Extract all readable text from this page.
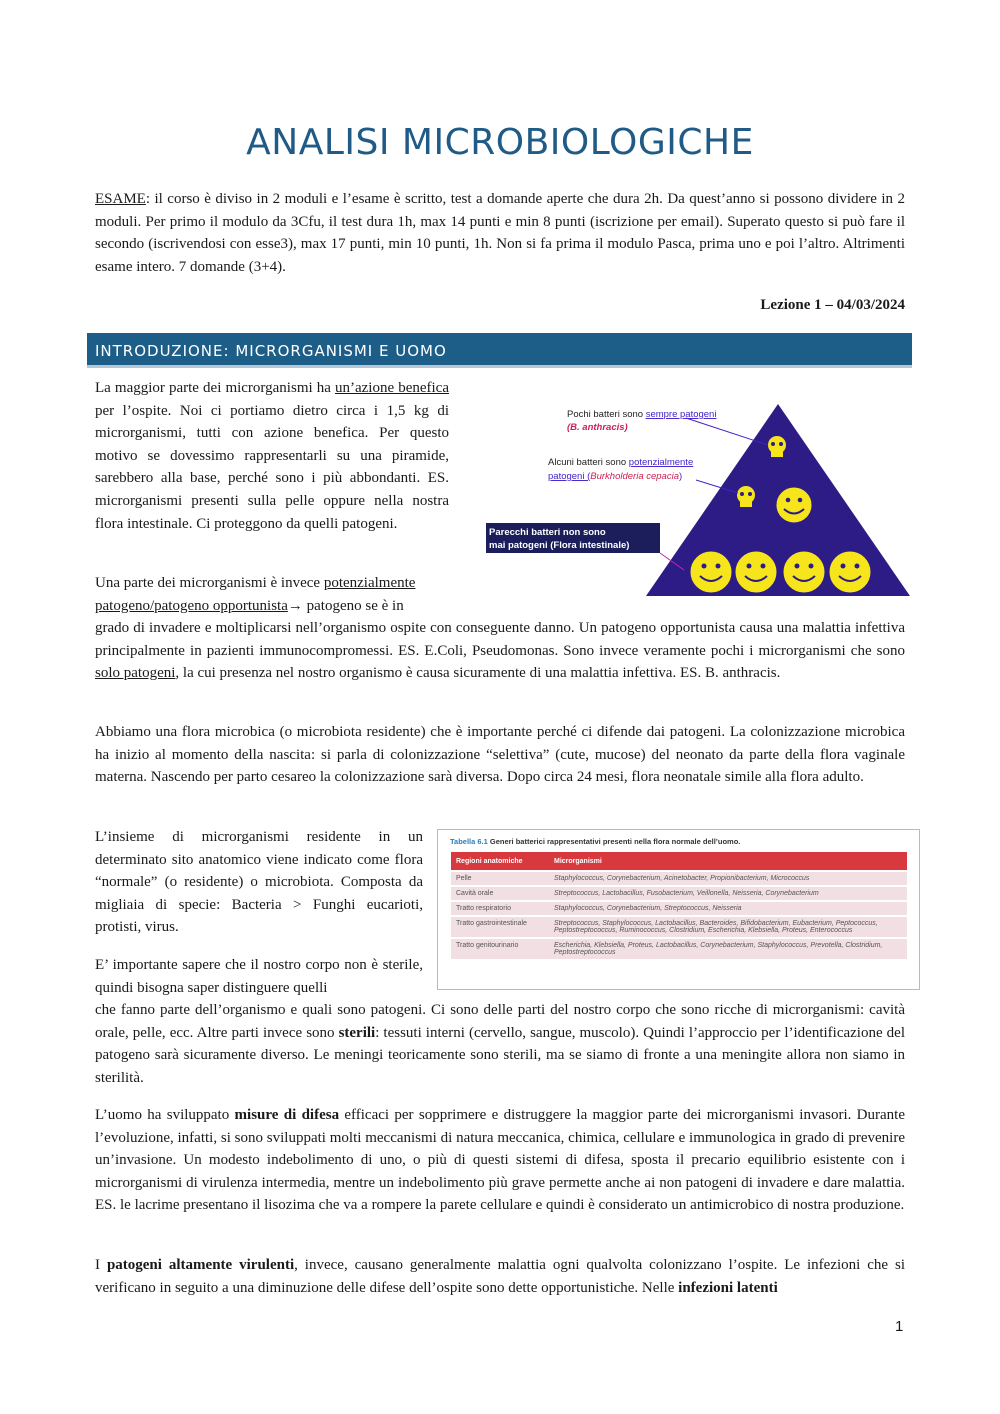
ANALISI MICROBIOLOGICHE
ESAME: il corso è diviso in 2 moduli e l’esame è scritto, test a domande aperte che dura 2h. Da quest’anno si possono dividere in 2 moduli. Per primo il modulo da 3Cfu, il test dura 1h, max 14 punti e min 8 punti (iscrizione per email). Superato questo si può fare il secondo (iscrivendosi con esse3), max 17 punti, min 10 punti, 1h. Non si fa prima il modulo Pasca, prima uno e poi l’altro. Altrimenti esame intero. 7 domande (3+4).
Lezione 1 – 04/03/2024
INTRODUZIONE: MICRORGANISMI E UOMO
La maggior parte dei microrganismi ha un’azione benefica per l’ospite. Noi ci portiamo dietro circa i 1,5 kg di microrganismi, tutti con azione benefica. Per questo motivo se dovessimo rappresentarli su una piramide, sarebbero alla base, perché sono i più abbondanti. ES. microrganismi presenti sulla pelle oppure nella nostra flora intestinale. Ci proteggono da quelli patogeni.
Pochi batteri sono sempre patogeni
(B. anthracis)
Alcuni batteri sono potenzialmente
patogeni (Burkholderia cepacia)
Parecchi batteri non sono
mai patogeni (Flora intestinale)
Una parte dei microrganismi è invece potenzialmente patogeno/patogeno opportunista→ patogeno se è in
grado di invadere e moltiplicarsi nell’organismo ospite con conseguente danno. Un patogeno opportunista causa una malattia infettiva principalmente in pazienti immunocompromessi. ES. E.Coli, Pseudomonas. Sono invece veramente pochi i microrganismi che sono solo patogeni, la cui presenza nel nostro organismo è causa sicuramente di una malattia infettiva. ES. B. anthracis.
Abbiamo una flora microbica (o microbiota residente) che è importante perché ci difende dai patogeni. La colonizzazione microbica ha inizio al momento della nascita: si parla di colonizzazione “selettiva” (cute, mucose) del neonato da parte della flora vaginale materna. Nascendo per parto cesareo la colonizzazione sarà diversa. Dopo circa 24 mesi, flora neonatale simile alla flora adulto.
L’insieme di microrganismi residente in un determinato sito anatomico viene indicato come flora “normale” (o residente) o microbiota. Composta da migliaia di specie: Bacteria > Funghi eucarioti, protisti, virus.
Tabella 6.1 Generi batterici rappresentativi presenti nella flora normale dell’uomo.
Regioni anatomiche	Microrganismi
Pelle	Staphylococcus, Corynebacterium, Acinetobacter, Propionibacterium, Micrococcus
Cavità orale	Streptococcus, Lactobacillus, Fusobacterium, Veillonella, Neisseria, Corynebacterium
Tratto respiratorio	Staphylococcus, Corynebacterium, Streptococcus, Neisseria
Tratto gastrointestinale	Streptococcus, Staphylococcus, Lactobacillus, Bacteroides, Bifidobacterium, Eubacterium, Peptococcus, Peptostreptococcus, Ruminococcus, Clostridium, Escherichia, Klebsiella, Proteus, Enterococcus
Tratto genitourinario	Escherichia, Klebsiella, Proteus, Lactobacillus, Corynebacterium, Staphylococcus, Prevotella, Clostridium, Peptostreptococcus
E’ importante sapere che il nostro corpo non è sterile, quindi bisogna saper distinguere quelli
che fanno parte dell’organismo e quali sono patogeni. Ci sono delle parti del nostro corpo che sono ricche di microrganismi: cavità orale, pelle, ecc. Altre parti invece sono sterili: tessuti interni (cervello, sangue, muscolo). Quindi l’approccio per l’identificazione del patogeno sarà sicuramente diverso. Le meningi teoricamente sono sterili, ma se siamo di fronte a una meningite allora non siamo in sterilità.
L’uomo ha sviluppato misure di difesa efficaci per sopprimere e distruggere la maggior parte dei microrganismi invasori. Durante l’evoluzione, infatti, si sono sviluppati molti meccanismi di natura meccanica, chimica, cellulare e immunologica in grado di prevenire un’invasione. Un modesto indebolimento di uno, o più di questi sistemi di difesa, sposta il precario equilibrio esistente con i microrganismi di virulenza intermedia, mentre un indebolimento più grave permette anche ai non patogeni di invadere e dare malattia. ES. le lacrime presentano il lisozima che va a rompere la parete cellulare e quindi è considerato un antimicrobico di nostra produzione.
I patogeni altamente virulenti, invece, causano generalmente malattia ogni qualvolta colonizzano l’ospite. Le infezioni che si verificano in seguito a una diminuzione delle difese dell’ospite sono dette opportunistiche. Nelle infezioni latenti
1
